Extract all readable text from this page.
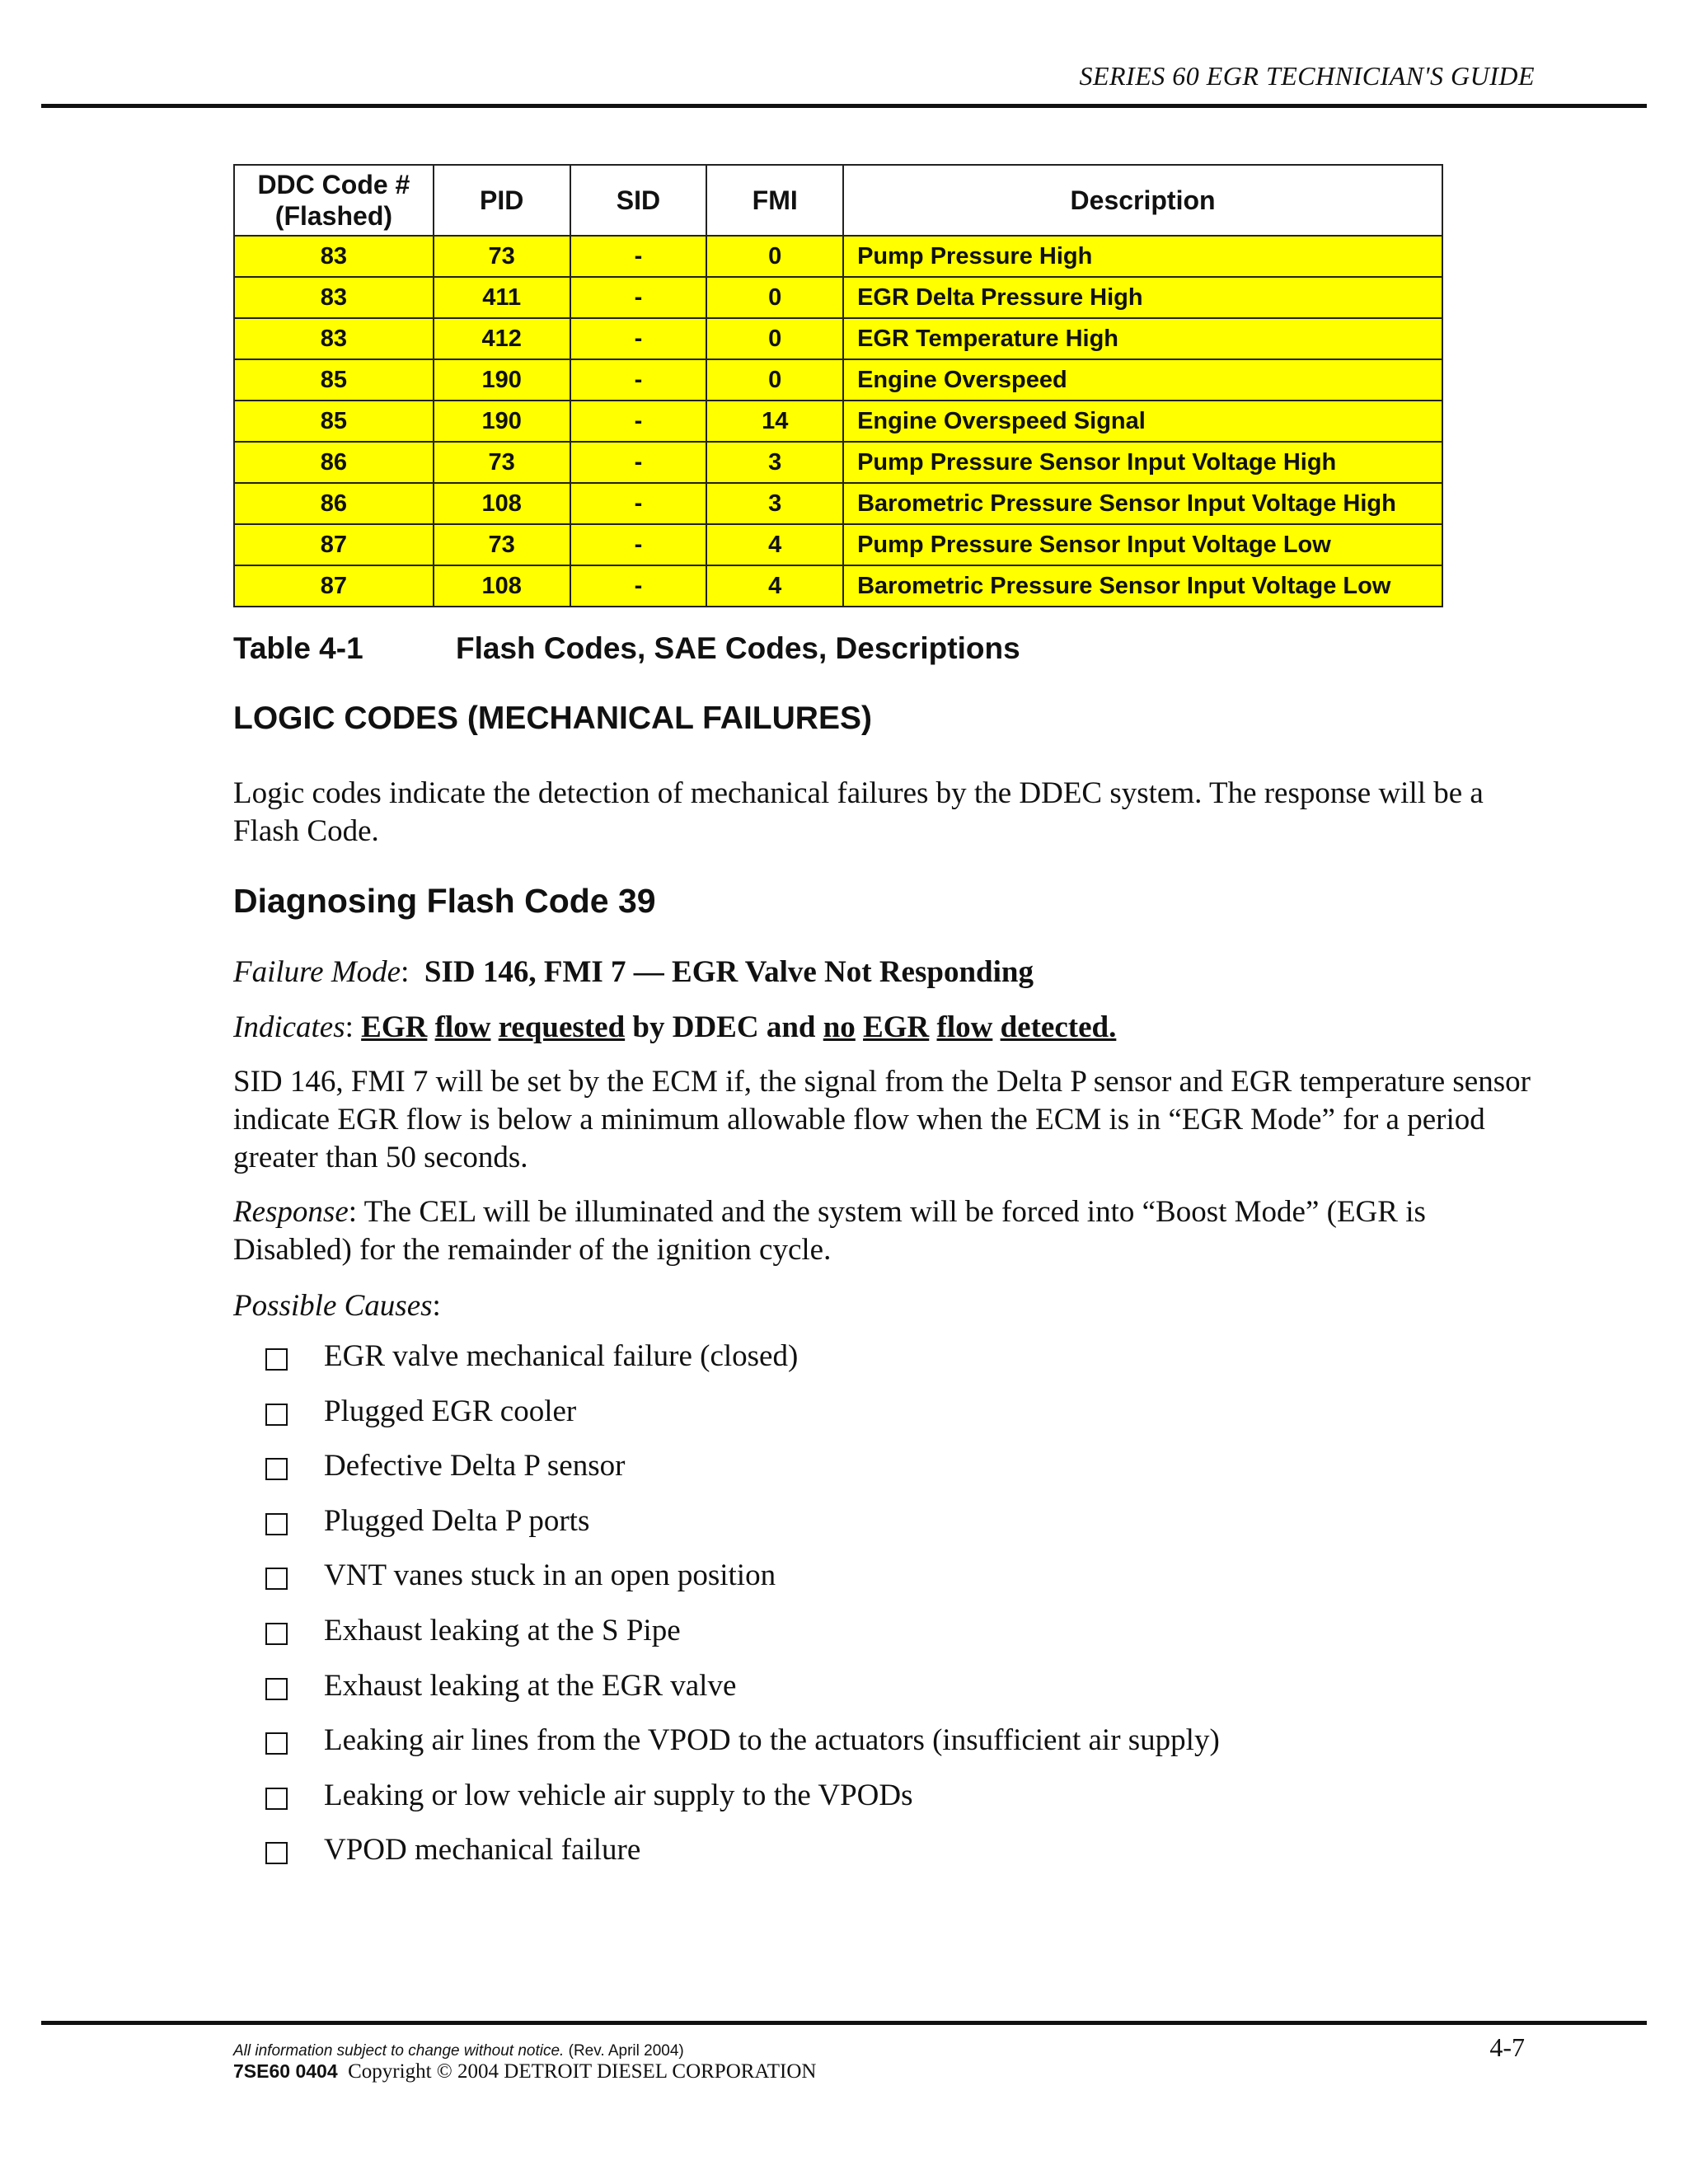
SERIES 60 EGR TECHNICIAN'S GUIDE
DDC Code #
(Flashed)	PID	SID	FMI	Description
83	73	-	0	Pump Pressure High
83	411	-	0	EGR Delta Pressure High
83	412	-	0	EGR Temperature High
85	190	-	0	Engine Overspeed
85	190	-	14	Engine Overspeed Signal
86	73	-	3	Pump Pressure Sensor Input Voltage High
86	108	-	3	Barometric Pressure Sensor Input Voltage High
87	73	-	4	Pump Pressure Sensor Input Voltage Low
87	108	-	4	Barometric Pressure Sensor Input Voltage Low
Table 4-1	Flash Codes, SAE Codes, Descriptions
LOGIC CODES (MECHANICAL FAILURES)

Logic codes indicate the detection of mechanical failures by the DDEC system. The response will be a Flash Code.

Diagnosing Flash Code 39
Failure Mode:  SID 146, FMI 7 — EGR Valve Not Responding
Indicates: EGR flow requested by DDEC and no EGR flow detected.

SID 146, FMI 7 will be set by the ECM if, the signal from the Delta P sensor and EGR temperature sensor indicate EGR flow is below a minimum allowable flow when the ECM is in “EGR Mode” for a period greater than 50 seconds.

Response: The CEL will be illuminated and the system will be forced into “Boost Mode” (EGR is Disabled) for the remainder of the ignition cycle.

Possible Causes:
EGR valve mechanical failure (closed)
Plugged EGR cooler
Defective Delta P sensor
Plugged Delta P ports
VNT vanes stuck in an open position
Exhaust leaking at the S Pipe
Exhaust leaking at the EGR valve
Leaking air lines from the VPOD to the actuators (insufficient air supply)
Leaking or low vehicle air supply to the VPODs
VPOD mechanical failure
All information subject to change without notice. (Rev. April 2004)
7SE60 0404 Copyright © 2004 DETROIT DIESEL CORPORATION
4-7
